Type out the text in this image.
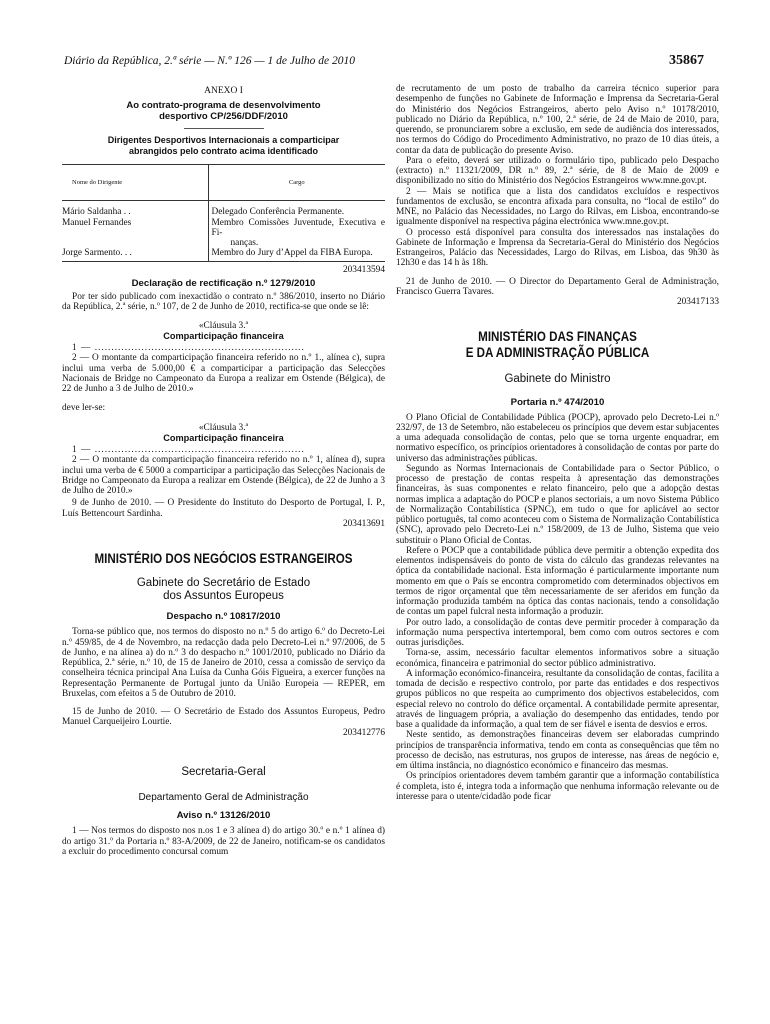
Diário da República, 2.ª série — N.º 126 — 1 de Julho de 2010	35867
ANEXO I
Ao contrato-programa de desenvolvimento
desportivo CP/256/DDF/2010
Dirigentes Desportivos Internacionais a comparticipar
abrangidos pelo contrato acima identificado
Nome do Dirigente	Cargo
Mário Saldanha . .	Delegado Conferência Permanente.
Manuel Fernandes	Membro Comissões Juventude, Executiva e Fi-
	nanças.
Jorge Sarmento. . .	Membro do Jury d’Appel da FIBA Europa.
203413594
Declaração de rectificação n.º 1279/2010

Por ter sido publicado com inexactidão o contrato n.º 386/2010, inserto no Diário da República, 2.ª série, n.º 107, de 2 de Junho de 2010, rectifica-se que onde se lê:

«Cláusula 3.ª
Comparticipação financeira
1 — ...............................................................

2 — O montante da comparticipação financeira referido no n.º 1., alínea c), supra inclui uma verba de 5.000,00 € a comparticipar a participação das Selecções Nacionais de Bridge no Campeonato da Europa a realizar em Ostende (Bélgica), de 22 de Junho a 3 de Julho de 2010.»

deve ler-se:

«Cláusula 3.ª
Comparticipação financeira
1 — ...............................................................

2 — O montante da comparticipação financeira referido no n.º 1, alínea d), supra inclui uma verba de € 5000 a comparticipar a participação das Selecções Nacionais de Bridge no Campeonato da Europa a realizar em Ostende (Bélgica), de 22 de Junho a 3 de Julho de 2010.»

9 de Junho de 2010. — O Presidente do Instituto do Desporto de Portugal, I. P., Luís Bettencourt Sardinha.

203413691
MINISTÉRIO DOS NEGÓCIOS ESTRANGEIROS
Gabinete do Secretário de Estado
dos Assuntos Europeus
Despacho n.º 10817/2010

Torna-se público que, nos termos do disposto no n.º 5 do artigo 6.º do Decreto-Lei n.º 459/85, de 4 de Novembro, na redacção dada pelo Decreto-Lei n.º 97/2006, de 5 de Junho, e na alínea a) do n.º 3 do despacho n.º 1001/2010, publicado no Diário da República, 2.ª série, n.º 10, de 15 de Janeiro de 2010, cessa a comissão de serviço da conselheira técnica principal Ana Luísa da Cunha Góis Figueira, a exercer funções na Representação Permanente de Portugal junto da União Europeia — REPER, em Bruxelas, com efeitos a 5 de Outubro de 2010.

15 de Junho de 2010. — O Secretário de Estado dos Assuntos Europeus, Pedro Manuel Carqueijeiro Lourtie.

203412776
Secretaria-Geral
Departamento Geral de Administração
Aviso n.º 13126/2010

1 — Nos termos do disposto nos n.os 1 e 3 alínea d) do artigo 30.º e n.º 1 alínea d) do artigo 31.º da Portaria n.º 83-A/2009, de 22 de Janeiro, notificam-se os candidatos a excluir do procedimento concursal comum

de recrutamento de um posto de trabalho da carreira técnico superior para desempenho de funções no Gabinete de Informação e Imprensa da Secretaria-Geral do Ministério dos Negócios Estrangeiros, aberto pelo Aviso n.º 10178/2010, publicado no Diário da República, n.º 100, 2.ª série, de 24 de Maio de 2010, para, querendo, se pronunciarem sobre a exclusão, em sede de audiência dos interessados, nos termos do Código do Procedimento Administrativo, no prazo de 10 dias úteis, a contar da data de publicação do presente Aviso.

Para o efeito, deverá ser utilizado o formulário tipo, publicado pelo Despacho (extracto) n.º 11321/2009, DR n.º 89, 2.ª série, de 8 de Maio de 2009 e disponibilizado no sítio do Ministério dos Negócios Estrangeiros www.mne.gov.pt.

2 — Mais se notifica que a lista dos candidatos excluídos e respectivos fundamentos de exclusão, se encontra afixada para consulta, no “local de estilo” do MNE, no Palácio das Necessidades, no Largo do Rilvas, em Lisboa, encontrando-se igualmente disponível na respectiva página electrónica www.mne.gov.pt.

O processo está disponível para consulta dos interessados nas instalações do Gabinete de Informação e Imprensa da Secretaria-Geral do Ministério dos Negócios Estrangeiros, Palácio das Necessidades, Largo do Rilvas, em Lisboa, das 9h30 às 12h30 e das 14 h às 18h.

21 de Junho de 2010. — O Director do Departamento Geral de Administração, Francisco Guerra Tavares.

203417133
MINISTÉRIO DAS FINANÇAS
E DA ADMINISTRAÇÃO PÚBLICA
Gabinete do Ministro
Portaria n.º 474/2010

O Plano Oficial de Contabilidade Pública (POCP), aprovado pelo Decreto-Lei n.º 232/97, de 13 de Setembro, não estabeleceu os princípios que devem estar subjacentes a uma adequada consolidação de contas, pelo que se torna urgente enquadrar, em normativo específico, os princípios orientadores à consolidação de contas por parte do universo das administrações públicas.

Segundo as Normas Internacionais de Contabilidade para o Sector Público, o processo de prestação de contas respeita à apresentação das demonstrações financeiras, às suas componentes e relato financeiro, pelo que a adopção destas normas implica a adaptação do POCP e planos sectoriais, a um novo Sistema Público de Normalização Contabilística (SPNC), em tudo o que for aplicável ao sector público português, tal como aconteceu com o Sistema de Normalização Contabilística (SNC), aprovado pelo Decreto-Lei n.º 158/2009, de 13 de Julho, Sistema que veio substituir o Plano Oficial de Contas.

Refere o POCP que a contabilidade pública deve permitir a obtenção expedita dos elementos indispensáveis do ponto de vista do cálculo das grandezas relevantes na óptica da contabilidade nacional. Esta informação é particularmente importante num momento em que o País se encontra comprometido com determinados objectivos em termos de rigor orçamental que têm necessariamente de ser aferidos em função da informação produzida também na óptica das contas nacionais, tendo a consolidação de contas um papel fulcral nesta informação a produzir.

Por outro lado, a consolidação de contas deve permitir proceder à comparação da informação numa perspectiva intertemporal, bem como com outros sectores e com outras jurisdições.

Torna-se, assim, necessário facultar elementos informativos sobre a situação económica, financeira e patrimonial do sector público administrativo.

A informação económico-financeira, resultante da consolidação de contas, facilita a tomada de decisão e respectivo controlo, por parte das entidades e dos respectivos grupos públicos no que respeita ao cumprimento dos objectivos estabelecidos, com especial relevo no controlo do défice orçamental. A contabilidade permite apresentar, através de linguagem própria, a avaliação do desempenho das entidades, tendo por base a qualidade da informação, a qual tem de ser fiável e isenta de desvios e erros.

Neste sentido, as demonstrações financeiras devem ser elaboradas cumprindo princípios de transparência informativa, tendo em conta as consequências que têm no processo de decisão, nas estruturas, nos grupos de interesse, nas áreas de negócio e, em última instância, no diagnóstico económico e financeiro das mesmas.

Os princípios orientadores devem também garantir que a informação contabilística é completa, isto é, integra toda a informação que nenhuma informação relevante ou de interesse para o utente/cidadão pode ficar
